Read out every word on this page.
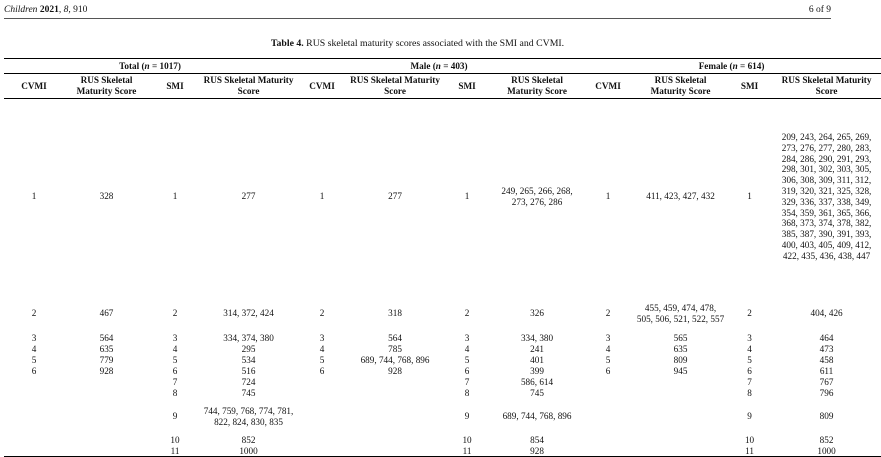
Children 2021, 8, 910	6 of 9
Table 4. RUS skeletal maturity scores associated with the SMI and CVMI.
Total (n = 1017)				Male (n = 403)				Female (n = 614)			
CVMI	RUS Skeletal Maturity Score	SMI	RUS Skeletal Maturity Score	CVMI	RUS Skeletal Maturity Score	SMI	RUS Skeletal Maturity Score	CVMI	RUS Skeletal Maturity Score	SMI	RUS Skeletal Maturity Score
1	328	1	277	1	277	1	249, 265, 266, 268, 273, 276, 286	1	411, 423, 427, 432	1	209, 243, 264, 265, 269, 273, 276, 277, 280, 283, 284, 286, 290, 291, 293, 298, 301, 302, 303, 305, 306, 308, 309, 311, 312, 319, 320, 321, 325, 328, 329, 336, 337, 338, 349, 354, 359, 361, 365, 366, 368, 373, 374, 378, 382, 385, 387, 390, 391, 393, 400, 403, 405, 409, 412, 422, 435, 436, 438, 447
2	467	2	314, 372, 424	2	318	2	326	2	455, 459, 474, 478, 505, 506, 521, 522, 557	2	404, 426
3	564	3	334, 374, 380	3	564	3	334, 380	3	565	3	464
4	635	4	295	4	785	4	241	4	635	4	473
5	779	5	534	5	689, 744, 768, 896	5	401	5	809	5	458
6	928	6	516	6	928	6	399	6	945	6	611
		7	724			7	586, 614			7	767
		8	745			8	745			8	796
		9	744, 759, 768, 774, 781, 822, 824, 830, 835			9	689, 744, 768, 896			9	809
		10	852			10	854			10	852
		11	1000			11	928			11	1000
